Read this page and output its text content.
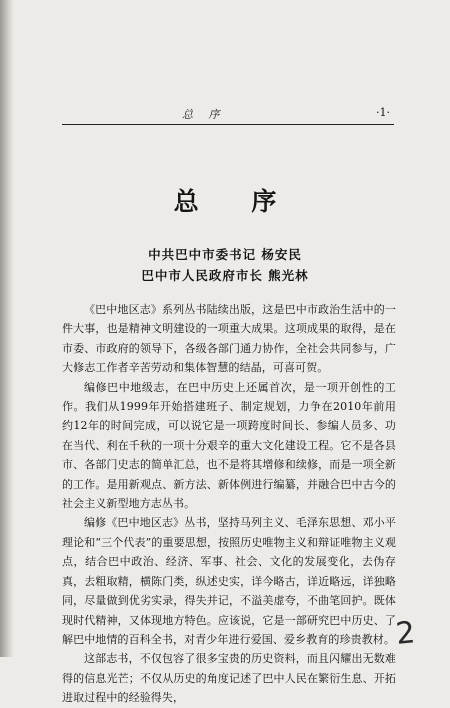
总 序	·1·
总 序
中共巴中市委书记 杨安民
巴中市人民政府市长 熊光林

《巴中地区志》系列丛书陆续出版，这是巴中市政治生活中的一件大事，也是精神文明建设的一项重大成果。这项成果的取得，是在市委、市政府的领导下，各级各部门通力协作，全社会共同参与，广大修志工作者辛苦劳动和集体智慧的结晶，可喜可贺。

编修巴中地级志，在巴中历史上还属首次，是一项开创性的工作。我们从1999年开始搭建班子、制定规划，力争在2010年前用约12年的时间完成，可以说它是一项跨度时间长、参编人员多、功在当代、利在千秋的一项十分艰辛的重大文化建设工程。它不是各县市、各部门史志的简单汇总，也不是将其增修和续修，而是一项全新的工作。是用新观点、新方法、新体例进行编纂，并融合巴中古今的社会主义新型地方志丛书。

编修《巴中地区志》丛书，坚持马列主义、毛泽东思想、邓小平理论和“三个代表”的重要思想，按照历史唯物主义和辩证唯物主义观点，结合巴中政治、经济、军事、社会、文化的发展变化，去伪存真，去粗取精，横陈门类，纵述史实，详今略古，详近略远，详独略同，尽量做到优劣实录，得失并记，不溢美虚夸，不曲笔回护。既体现时代精神，又体现地方特色。应该说，它是一部研究巴中历史、了解巴中地情的百科全书，对青少年进行爱国、爱乡教育的珍贵教材。

这部志书，不仅包容了很多宝贵的历史资料，而且闪耀出无数难得的信息光芒；不仅从历史的角度记述了巴中人民在繁衍生息、开拓进取过程中的经验得失，

2
